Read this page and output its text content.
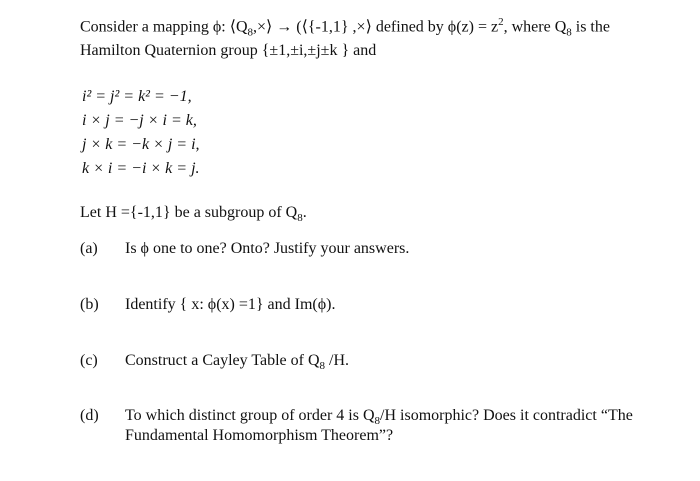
Consider a mapping ϕ: $⟨Q_8,\times⟩$ → (⟨{-1,1} ,×⟩ defined by $\phi(z) = z^2$, where $Q_8$ is the
Hamilton Quaternion group {±1,±i,±j±k } and
i² = j² = k² = −1,
i × j = −j × i = k,
j × k = −k × j = i,
k × i = −i × k = j.
Let H ={-1,1} be a subgroup of $Q_8$.
(a) Is ϕ one to one? Onto? Justify your answers.
(b) Identify { x: ϕ(x) =1} and Im(ϕ).
(c) Construct a Cayley Table of $Q_8$ /H.
(d) To which distinct group of order 4 is $Q_8/H$ isomorphic? Does it contradict “The
Fundamental Homomorphism Theorem”?
